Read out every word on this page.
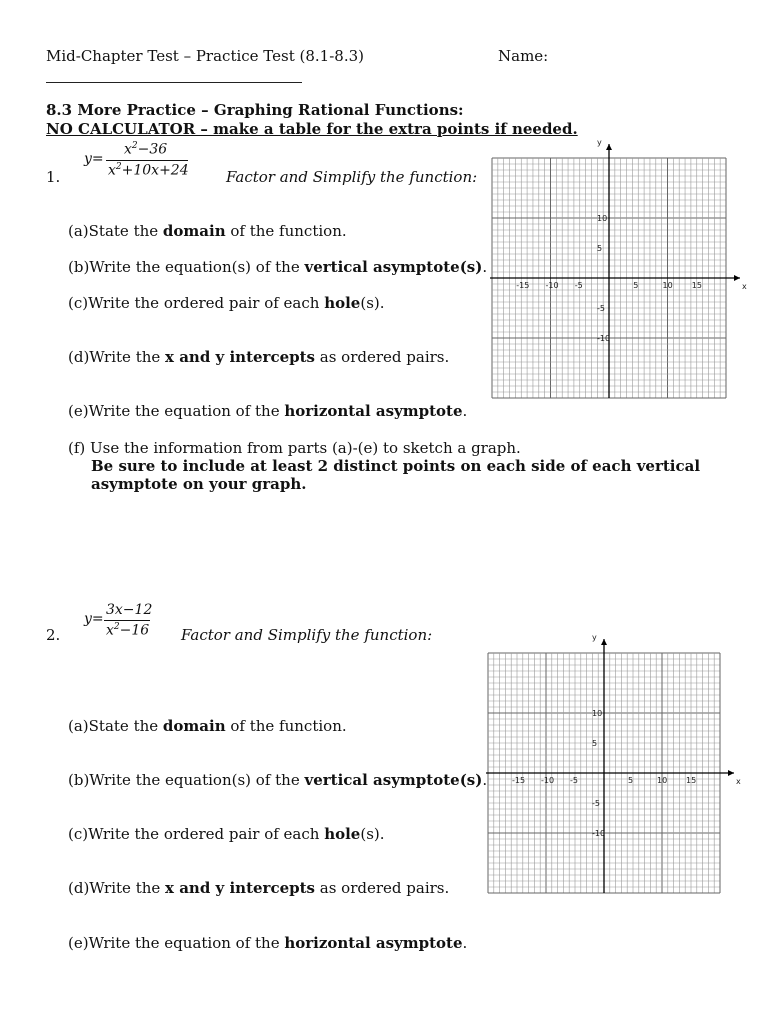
Mid-Chapter Test – Practice Test (8.1-8.3)	Name:
8.3 More Practice – Graphing Rational Functions:
NO CALCULATOR – make a table for the extra points if needed.
1.
y=
$x^2-36$
$x^2+10x+24$ Factor and Simplify the function:
(a)State the domain of the function.
(b)Write the equation(s) of the vertical asymptote(s).
(c)Write the ordered pair of each hole(s).
(d)Write the x and y intercepts as ordered pairs.
(e)Write the equation of the horizontal asymptote.
(f) Use the information from parts (a)-(e) to sketch a graph.
Be sure to include at least 2 distinct points on each side of each vertical
asymptote on your graph.
x
y
-15 -10 -5	5	10 15
10
5
-5
-10
2.
y=
3x−12
$x^2-16$ Factor and Simplify the function:
(a)State the domain of the function.
(b)Write the equation(s) of the vertical asymptote(s).
(c)Write the ordered pair of each hole(s).
(d)Write the x and y intercepts as ordered pairs.
(e)Write the equation of the horizontal asymptote.
x
y
-15 -10 -5	5	10 15
10
5
-5
-10
